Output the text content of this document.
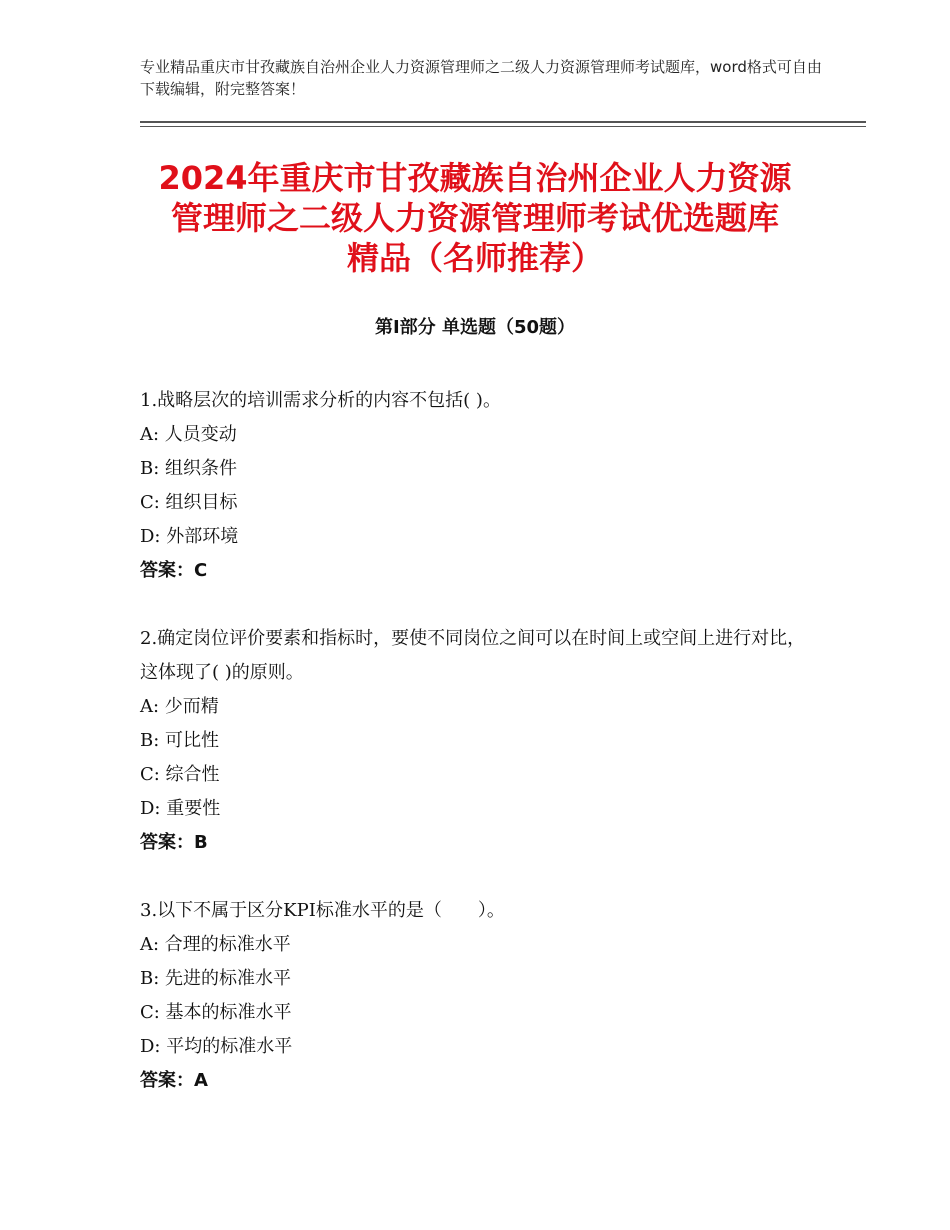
专业精品重庆市甘孜藏族自治州企业人力资源管理师之二级人力资源管理师考试题库，word格式可自由下载编辑，附完整答案！
2024年重庆市甘孜藏族自治州企业人力资源
管理师之二级人力资源管理师考试优选题库
精品（名师推荐）
第Ⅰ部分 单选题（50题）

1.战略层次的培训需求分析的内容不包括( )。

A: 人员变动

B: 组织条件

C: 组织目标

D: 外部环境

答案：C

2.确定岗位评价要素和指标时，要使不同岗位之间可以在时间上或空间上进行对比，这体现了( )的原则。

A: 少而精

B: 可比性

C: 综合性

D: 重要性

答案：B

3.以下不属于区分KPI标准水平的是（　　）。

A: 合理的标准水平

B: 先进的标准水平

C: 基本的标准水平

D: 平均的标准水平

答案：A
